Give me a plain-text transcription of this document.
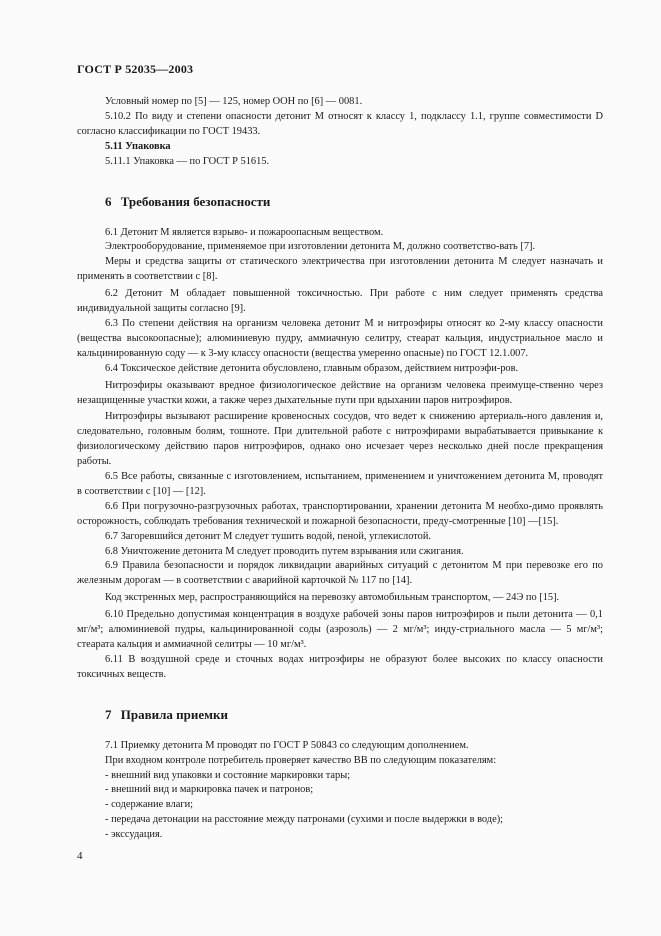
ГОСТ Р 52035—2003

Условный номер по [5] — 125, номер ООН по [6] — 0081.

5.10.2 По виду и степени опасности детонит М относят к классу 1, подклассу 1.1, группе совместимости D согласно классификации по ГОСТ 19433.

5.11 Упаковка

5.11.1 Упаковка — по ГОСТ Р 51615.

6 Требования безопасности

6.1 Детонит М является взрыво- и пожароопасным веществом.

Электрооборудование, применяемое при изготовлении детонита М, должно соответство-вать [7].

Меры и средства защиты от статического электричества при изготовлении детонита М следует назначать и применять в соответствии с [8].

6.2 Детонит М обладает повышенной токсичностью. При работе с ним следует применять средства индивидуальной защиты согласно [9].

6.3 По степени действия на организм человека детонит М и нитроэфиры относят ко 2-му классу опасности (вещества высокоопасные); алюминиевую пудру, аммиачную селитру, стеарат кальция, индустриальное масло и кальцинированную соду — к 3-му классу опасности (вещества умеренно опасные) по ГОСТ 12.1.007.

6.4 Токсическое действие детонита обусловлено, главным образом, действием нитроэфи-ров.

Нитроэфиры оказывают вредное физиологическое действие на организм человека преимуще-ственно через незащищенные участки кожи, а также через дыхательные пути при вдыхании паров нитроэфиров.

Нитроэфиры вызывают расширение кровеносных сосудов, что ведет к снижению артериаль-ного давления и, следовательно, головным болям, тошноте. При длительной работе с нитроэфирами вырабатывается привыкание к физиологическому действию паров нитроэфиров, однако оно исчезает через несколько дней после прекращения работы.

6.5 Все работы, связанные с изготовлением, испытанием, применением и уничтожением детонита М, проводят в соответствии с [10] — [12].

6.6 При погрузочно-разгрузочных работах, транспортировании, хранении детонита М необхо-димо проявлять осторожность, соблюдать требования технической и пожарной безопасности, преду-смотренные [10] —[15].

6.7 Загоревшийся детонит М следует тушить водой, пеной, углекислотой.

6.8 Уничтожение детонита М следует проводить путем взрывания или сжигания.

6.9 Правила безопасности и порядок ликвидации аварийных ситуаций с детонитом М при перевозке его по железным дорогам — в соответствии с аварийной карточкой № 117 по [14].

Код экстренных мер, распространяющийся на перевозку автомобильным транспортом, — 24Э по [15].

6.10 Предельно допустимая концентрация в воздухе рабочей зоны паров нитроэфиров и пыли детонита — 0,1 мг/м³; алюминиевой пудры, кальцинированной соды (аэрозоль) — 2 мг/м³; инду-стриального масла — 5 мг/м³; стеарата кальция и аммиачной селитры — 10 мг/м³.

6.11 В воздушной среде и сточных водах нитроэфиры не образуют более высоких по классу опасности токсичных веществ.

7 Правила приемки

7.1 Приемку детонита М проводят по ГОСТ Р 50843 со следующим дополнением.

При входном контроле потребитель проверяет качество ВВ по следующим показателям:

- внешний вид упаковки и состояние маркировки тары;
- внешний вид и маркировка пачек и патронов;
- содержание влаги;
- передача детонации на расстояние между патронами (сухими и после выдержки в воде);
- экссудация.
4
